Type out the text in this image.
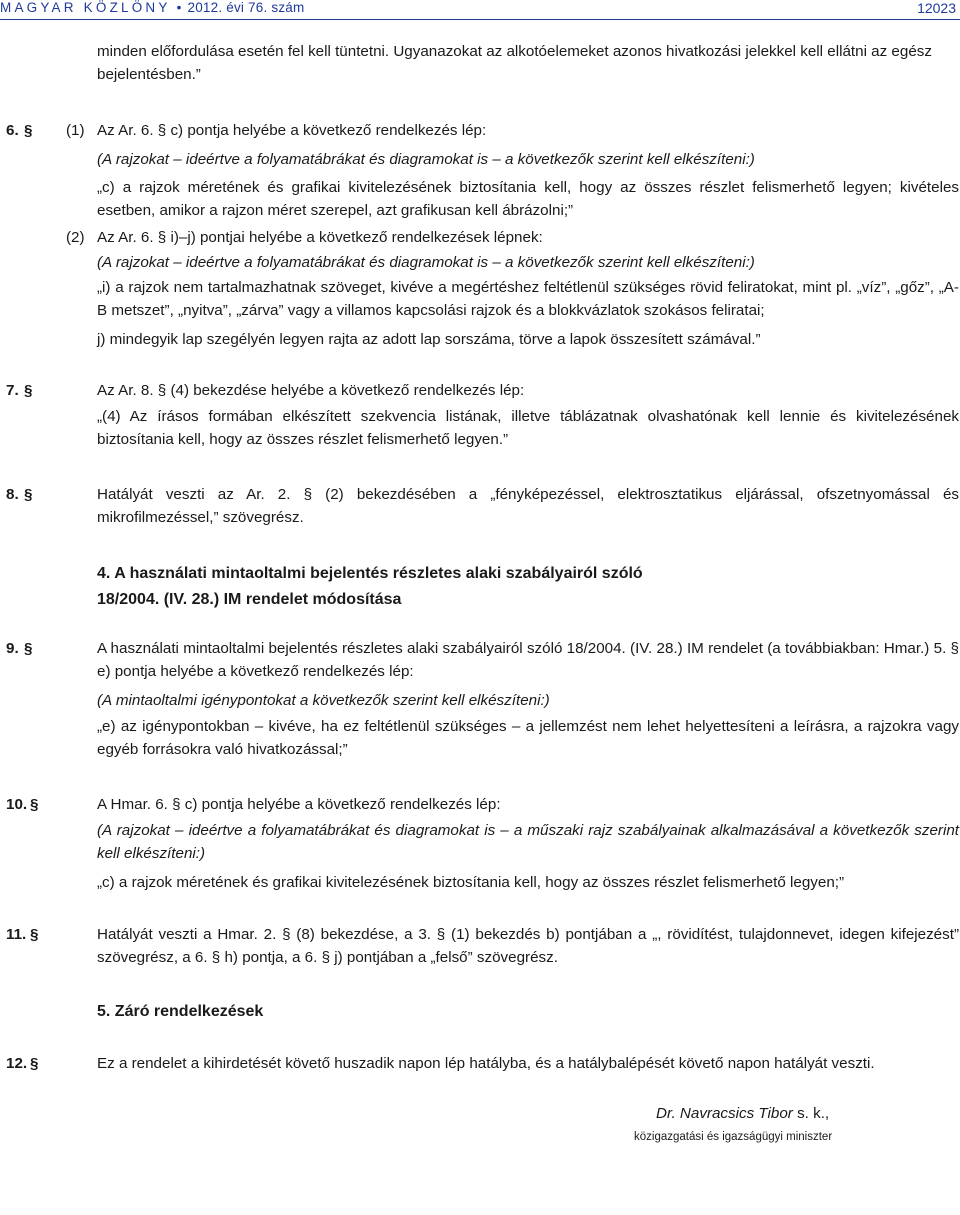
MAGYAR KÖZLÖNY • 2012. évi 76. szám	12023
minden előfordulása esetén fel kell tüntetni. Ugyanazokat az alkotóelemeket azonos hivatkozási jelekkel kell ellátni az egész bejelentésben.”
6. § (1) Az Ar. 6. § c) pontja helyébe a következő rendelkezés lép:
(A rajzokat – ideértve a folyamatábrákat és diagramokat is – a következők szerint kell elkészíteni:)
„c) a rajzok méretének és grafikai kivitelezésének biztosítania kell, hogy az összes részlet felismerhető legyen; kivételes esetben, amikor a rajzon méret szerepel, azt grafikusan kell ábrázolni;”
(2) Az Ar. 6. § i)–j) pontjai helyébe a következő rendelkezések lépnek:
(A rajzokat – ideértve a folyamatábrákat és diagramokat is – a következők szerint kell elkészíteni:)
„i) a rajzok nem tartalmazhatnak szöveget, kivéve a megértéshez feltétlenül szükséges rövid feliratokat, mint pl. „víz”, „gőz”, „A-B metszet”, „nyitva”, „zárva” vagy a villamos kapcsolási rajzok és a blokkvázlatok szokásos feliratai;
j) mindegyik lap szegélyén legyen rajta az adott lap sorszáma, törve a lapok összesített számával.”
7. §	Az Ar. 8. § (4) bekezdése helyébe a következő rendelkezés lép:
„(4) Az írásos formában elkészített szekvencia listának, illetve táblázatnak olvashatónak kell lennie és kivitelezésének biztosítania kell, hogy az összes részlet felismerhető legyen.”
8. §	Hatályát veszti az Ar. 2. § (2) bekezdésében a „fényképezéssel, elektrosztatikus eljárással, ofszetnyomással és mikrofilmezéssel,” szövegrész.
4. A használati mintaoltalmi bejelentés részletes alaki szabályairól szóló
18/2004. (IV. 28.) IM rendelet módosítása
9. §	A használati mintaoltalmi bejelentés részletes alaki szabályairól szóló 18/2004. (IV. 28.) IM rendelet (a továbbiakban: Hmar.) 5. § e) pontja helyébe a következő rendelkezés lép:
(A mintaoltalmi igénypontokat a következők szerint kell elkészíteni:)
„e) az igénypontokban – kivéve, ha ez feltétlenül szükséges – a jellemzést nem lehet helyettesíteni a leírásra, a rajzokra vagy egyéb forrásokra való hivatkozással;”
10. §	A Hmar. 6. § c) pontja helyébe a következő rendelkezés lép:
(A rajzokat – ideértve a folyamatábrákat és diagramokat is – a műszaki rajz szabályainak alkalmazásával a következők szerint kell elkészíteni:)
„c) a rajzok méretének és grafikai kivitelezésének biztosítania kell, hogy az összes részlet felismerhető legyen;”
11. §	Hatályát veszti a Hmar. 2. § (8) bekezdése, a 3. § (1) bekezdés b) pontjában a „, rövidítést, tulajdonnevet, idegen kifejezést” szövegrész, a 6. § h) pontja, a 6. § j) pontjában a „felső” szövegrész.
5. Záró rendelkezések
12. §	Ez a rendelet a kihirdetését követő huszadik napon lép hatályba, és a hatálybalépését követő napon hatályát veszti.
Dr. Navracsics Tibor s. k.,
közigazgatási és igazságügyi miniszter
